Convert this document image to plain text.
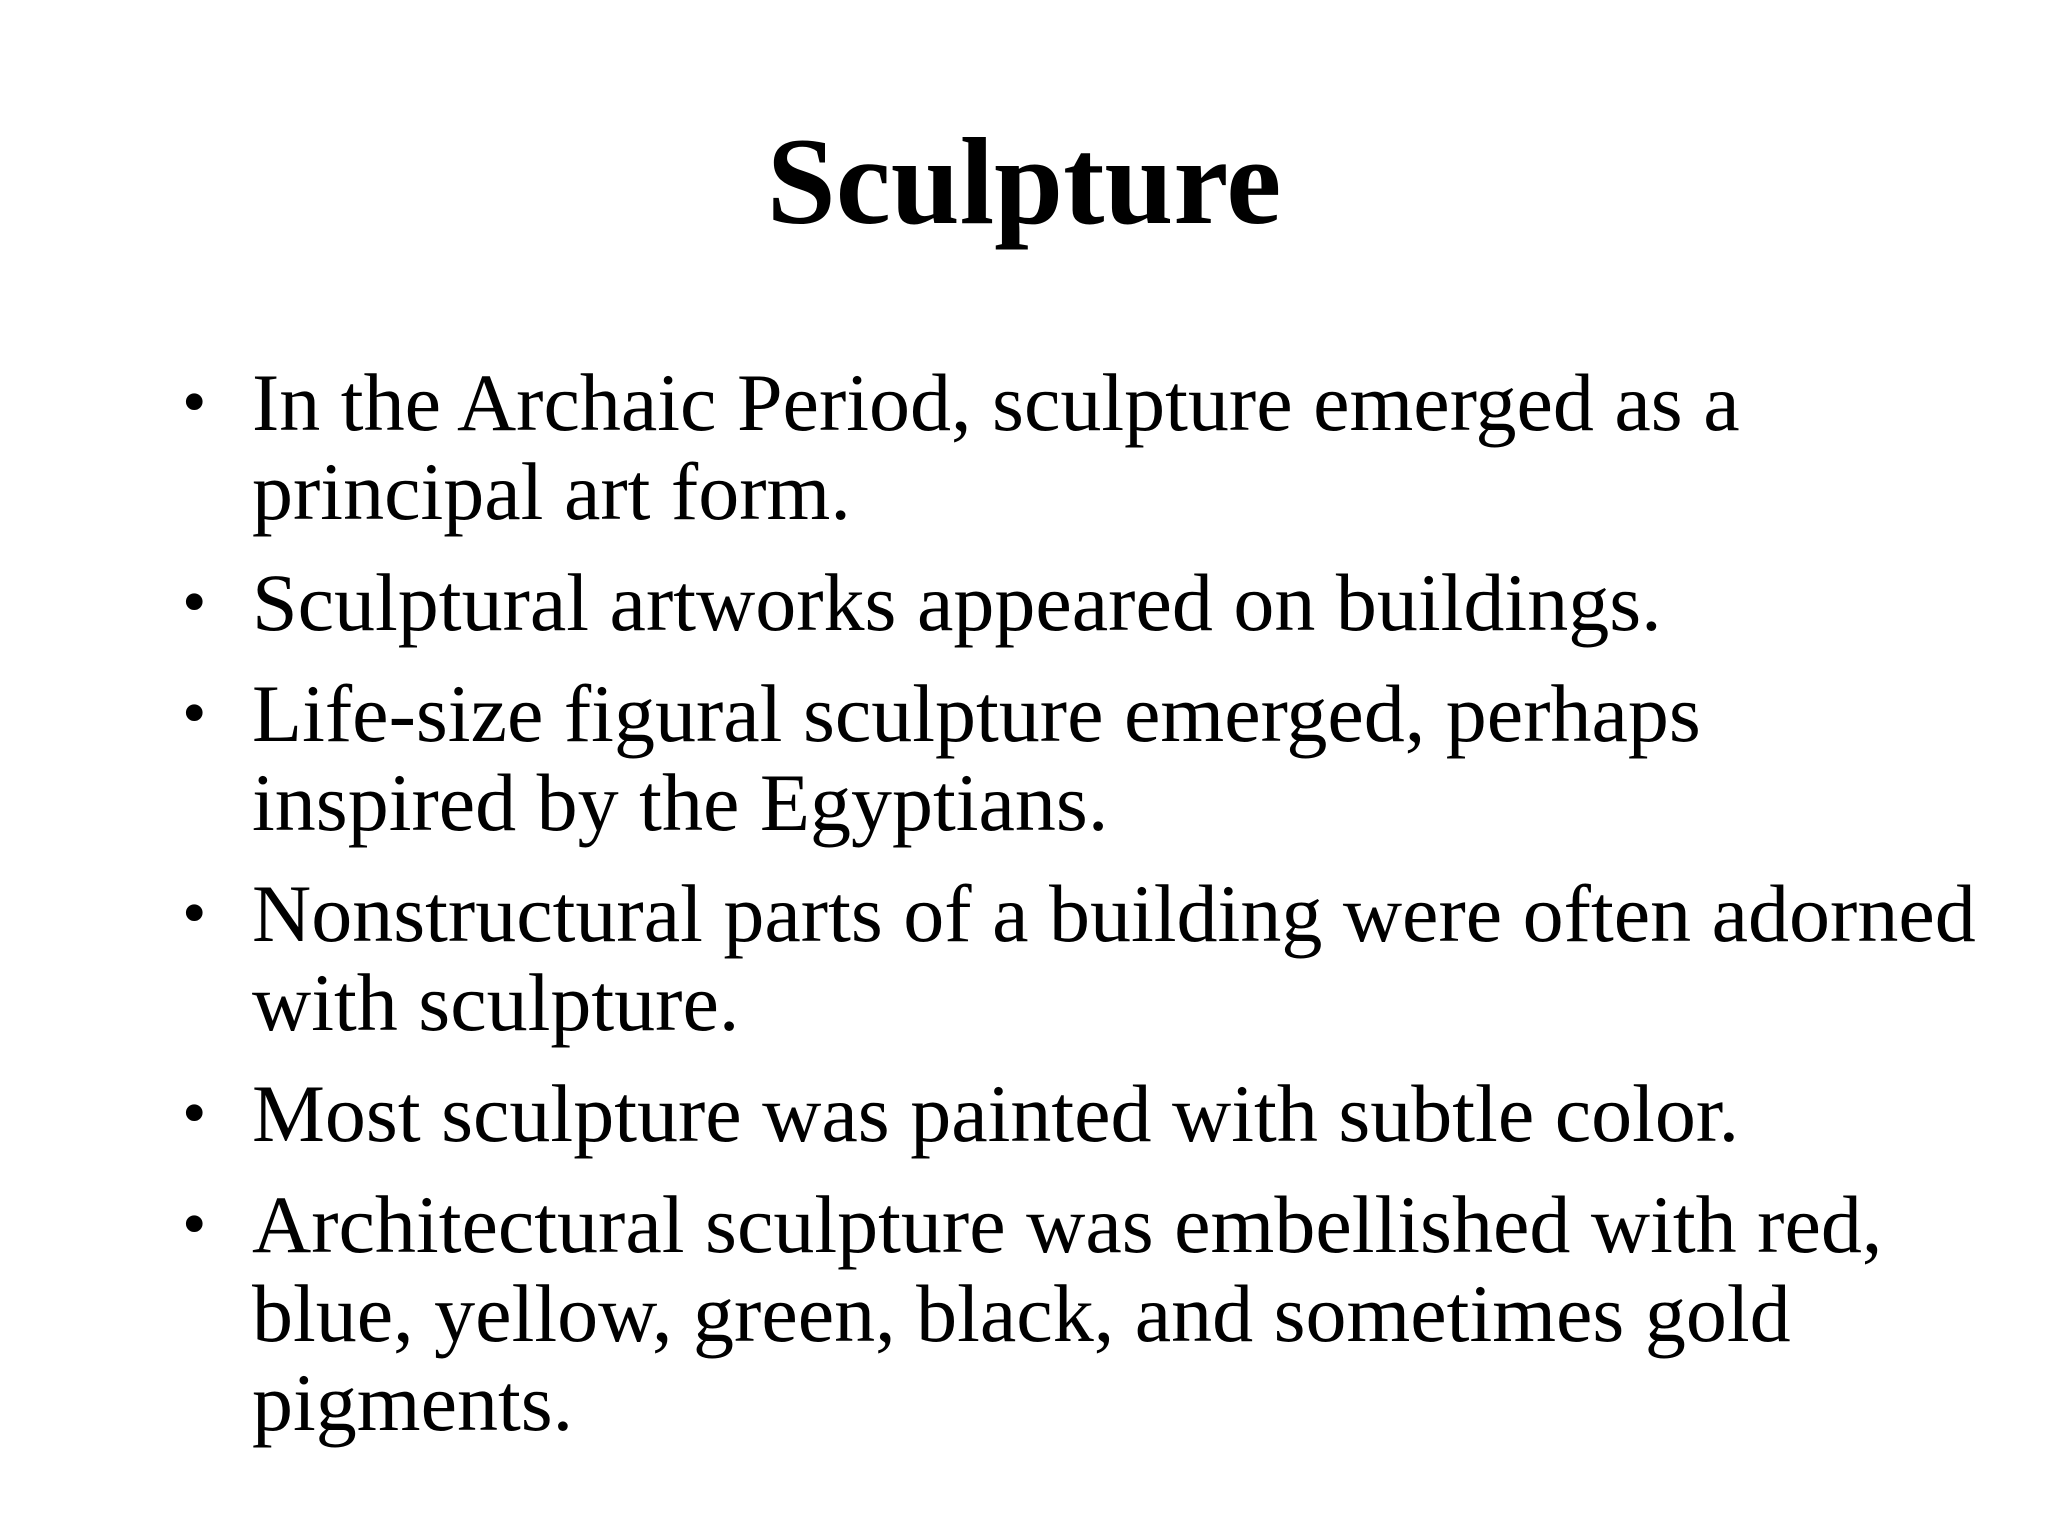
Sculpture
• In the Archaic Period, sculpture emerged as a principal art form.
• Sculptural artworks appeared on buildings.
• Life-size figural sculpture emerged, perhaps inspired by the Egyptians.
• Nonstructural parts of a building were often adorned with sculpture.
• Most sculpture was painted with subtle color.
• Architectural sculpture was embellished with red, blue, yellow, green, black, and sometimes gold pigments.
